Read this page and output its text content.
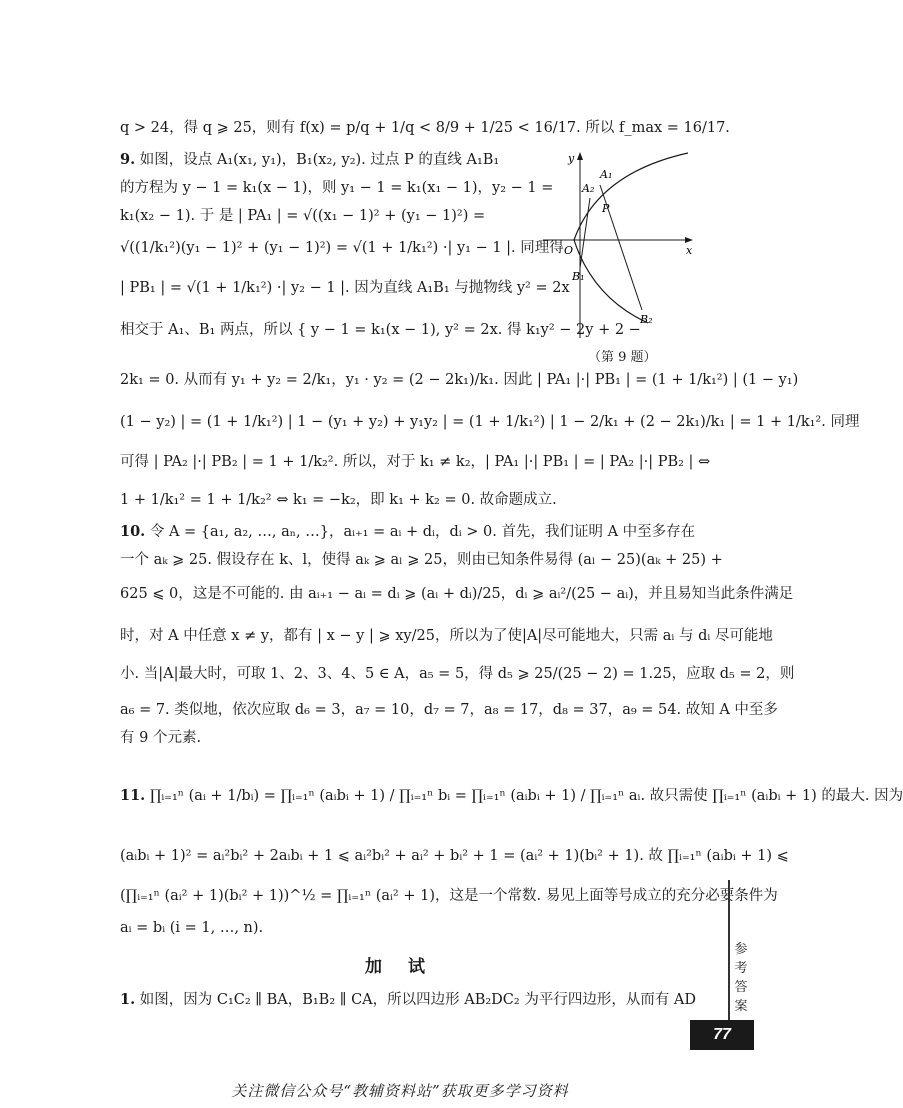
q > 24，得 q ⩾ 25，则有 f(x) = p/q + 1/q < 8/9 + 1/25 < 16/17. 所以 f_max = 16/17.
9. 如图，设点 A₁(x₁, y₁)，B₁(x₂, y₂). 过点 P 的直线 A₁B₁
的方程为 y − 1 = k₁(x − 1)，则 y₁ − 1 = k₁(x₁ − 1)，y₂ − 1 =
k₁(x₂ − 1). 于 是 | PA₁ | = √((x₁ − 1)² + (y₁ − 1)²) =
√((1/k₁²)(y₁ − 1)² + (y₁ − 1)²) = √(1 + 1/k₁²) ·| y₁ − 1 |. 同理得
| PB₁ | = √(1 + 1/k₁²) ·| y₂ − 1 |. 因为直线 A₁B₁ 与抛物线 y² = 2x
相交于 A₁、B₁ 两点，所以 { y − 1 = k₁(x − 1), y² = 2x. 得 k₁y² − 2y + 2 −
y
x
O
A₁
A₂
P
B₁
B₂
（第 9 题）
2k₁ = 0. 从而有 y₁ + y₂ = 2/k₁，y₁ · y₂ = (2 − 2k₁)/k₁. 因此 | PA₁ |·| PB₁ | = (1 + 1/k₁²) | (1 − y₁)
(1 − y₂) | = (1 + 1/k₁²) | 1 − (y₁ + y₂) + y₁y₂ | = (1 + 1/k₁²) | 1 − 2/k₁ + (2 − 2k₁)/k₁ | = 1 + 1/k₁². 同理
可得 | PA₂ |·| PB₂ | = 1 + 1/k₂². 所以，对于 k₁ ≠ k₂，| PA₁ |·| PB₁ | = | PA₂ |·| PB₂ | ⇔
1 + 1/k₁² = 1 + 1/k₂² ⇔ k₁ = −k₂，即 k₁ + k₂ = 0. 故命题成立.
10. 令 A = {a₁, a₂, …, aₙ, …}，aᵢ₊₁ = aᵢ + dᵢ，dᵢ > 0. 首先，我们证明 A 中至多存在
一个 aₖ ⩾ 25. 假设存在 k、l，使得 aₖ ⩾ aₗ ⩾ 25，则由已知条件易得 (aₗ − 25)(aₖ + 25) +
625 ⩽ 0，这是不可能的. 由 aᵢ₊₁ − aᵢ = dᵢ ⩾ (aᵢ + dᵢ)/25，dᵢ ⩾ aᵢ²/(25 − aᵢ)，并且易知当此条件满足
时，对 A 中任意 x ≠ y，都有 | x − y | ⩾ xy/25，所以为了使|A|尽可能地大，只需 aᵢ 与 dᵢ 尽可能地
小. 当|A|最大时，可取 1、2、3、4、5 ∈ A，a₅ = 5，得 d₅ ⩾ 25/(25 − 2) = 1.25，应取 d₅ = 2，则
a₆ = 7. 类似地，依次应取 d₆ = 3，a₇ = 10，d₇ = 7，a₈ = 17，d₈ = 37，a₉ = 54. 故知 A 中至多
有 9 个元素.
11. ∏ᵢ₌₁ⁿ (aᵢ + 1/bᵢ) = ∏ᵢ₌₁ⁿ (aᵢbᵢ + 1) / ∏ᵢ₌₁ⁿ bᵢ = ∏ᵢ₌₁ⁿ (aᵢbᵢ + 1) / ∏ᵢ₌₁ⁿ aᵢ. 故只需使 ∏ᵢ₌₁ⁿ (aᵢbᵢ + 1) 的最大. 因为
(aᵢbᵢ + 1)² = aᵢ²bᵢ² + 2aᵢbᵢ + 1 ⩽ aᵢ²bᵢ² + aᵢ² + bᵢ² + 1 = (aᵢ² + 1)(bᵢ² + 1). 故 ∏ᵢ₌₁ⁿ (aᵢbᵢ + 1) ⩽
(∏ᵢ₌₁ⁿ (aᵢ² + 1)(bᵢ² + 1))^½ = ∏ᵢ₌₁ⁿ (aᵢ² + 1)，这是一个常数. 易见上面等号成立的充分必要条件为
aᵢ = bᵢ (i = 1, …, n).
加 试
1. 如图，因为 C₁C₂ ∥ BA，B₁B₂ ∥ CA，所以四边形 AB₂DC₂ 为平行四边形，从而有 AD
参考答案
77
关注微信公众号“教辅资料站”获取更多学习资料
